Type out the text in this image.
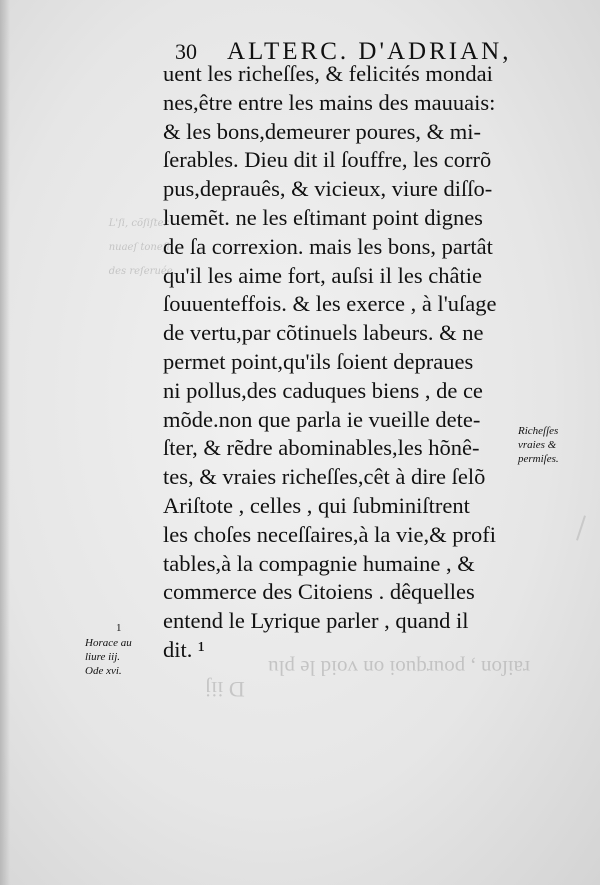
L'ſi, cõſiſter

nuaeſ toneſi

des reſeruée.

30 ALTERC. D'ADRIAN,
uent les richeſſes, & felicités mondai
nes,être entre les mains des mauuais:
& les bons,demeurer poures, & mi-
ſerables. Dieu dit il ſouffre, les corrõ
pus,deprauês, & vicieux, viure diſſo-
luemẽt. ne les eſtimant point dignes
de ſa correxion. mais les bons, partât
qu'il les aime fort, auſsi il les châtie
ſouuenteffois. & les exerce , à l'uſage
de vertu,par cõtinuels labeurs. & ne
permet point,qu'ils ſoient depraues
ni pollus,des caduques biens , de ce
mõde.non que parla ie vueille dete-
ſter, & rẽdre abominables,les hõnê-
tes, & vraies richeſſes,cêt à dire ſelõ
Ariſtote , celles , qui ſubminiſtrent
les choſes neceſſaires,à la vie,& profi
tables,à la compagnie humaine , &
commerce des Citoiens . dêquelles
entend le Lyrique parler , quand il
dit. ¹
Richeſſes
vraies &
permiſes.
1
Horace au
liure iij.
Ode xvi.	raiſon , pourquoi on void le plu
D iij
